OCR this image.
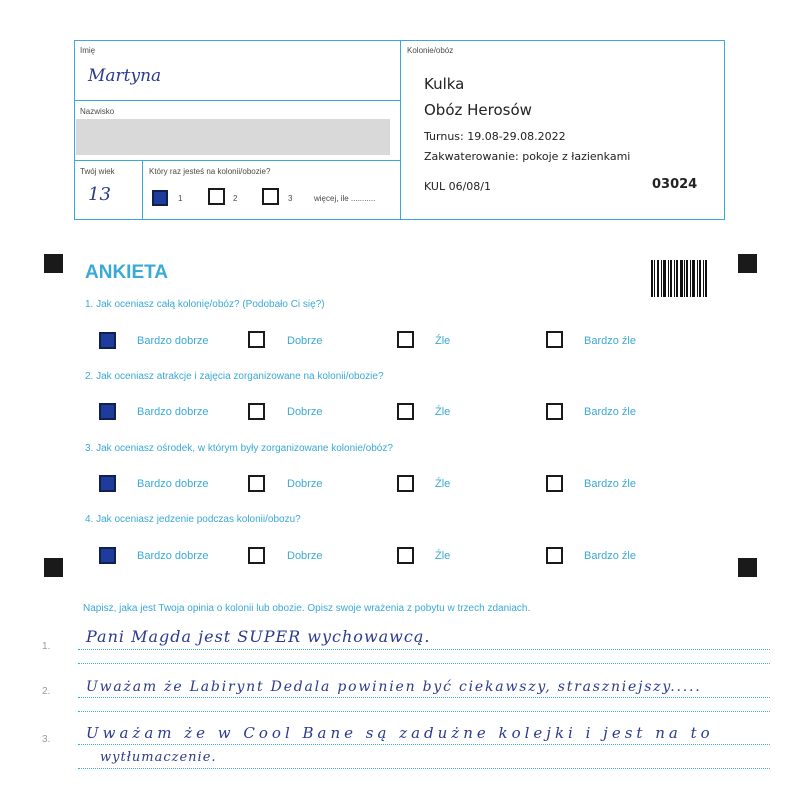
Imię
Martyna
Nazwisko
Twój wiek
13
Który raz jesteś na kolonii/obozie?
1	2	3	więcej, ile ...........
Kolonie/obóz
Kulka
Obóz Herosów
Turnus: 19.08-29.08.2022
Zakwaterowanie: pokoje z łazienkami
KUL 06/08/1	03024
ANKIETA
1. Jak oceniasz całą kolonię/obóz? (Podobało Ci się?)
Bardzo dobrze	Dobrze	Źle	Bardzo źle
2. Jak oceniasz atrakcje i zajęcia zorganizowane na kolonii/obozie?
Bardzo dobrze	Dobrze	Źle	Bardzo źle
3. Jak oceniasz ośrodek, w którym były zorganizowane kolonie/obóz?
Bardzo dobrze	Dobrze	Źle	Bardzo źle
4. Jak oceniasz jedzenie podczas kolonii/obozu?
Bardzo dobrze	Dobrze	Źle	Bardzo źle
Napisz, jaka jest Twoja opinia o kolonii lub obozie. Opisz swoje wrażenia z pobytu w trzech zdaniach.
1.
Pani Magda jest SUPER wychowawcą.
2.	Uważam że Labirynt Dedala powinien być ciekawszy, straszniejszy.....
3. Uważam że w Cool Bane są zadużne kolejki i jest na to
wytłumaczenie.
